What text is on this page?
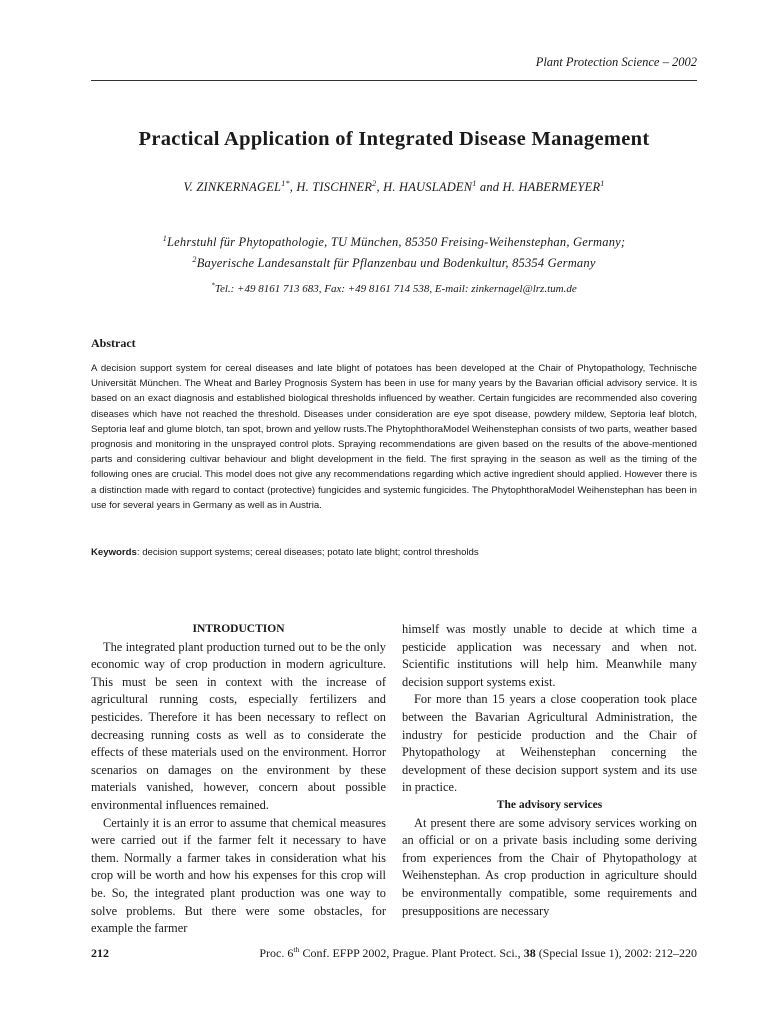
Plant Protection Science – 2002
Practical Application of Integrated Disease Management
V. $ZINKERNAGEL^{1*}$, H. TISCHNER$^2$, H. HAUSLADEN$^1$ and H. HABERMEYER$^1$
$^1$Lehrstuhl für Phytopathologie, TU München, 85350 Freising-Weihenstephan, Germany;
$^2$Bayerische Landesanstalt für Pflanzenbau und Bodenkultur, 85354 Germany
*Tel.: +49 8161 713 683, Fax: +49 8161 714 538, E-mail: zinkernagel@lrz.tum.de
Abstract
A decision support system for cereal diseases and late blight of potatoes has been developed at the Chair of Phytopathology, Technische Universität München. The Wheat and Barley Prognosis System has been in use for many years by the Bavarian official advisory service. It is based on an exact diagnosis and established biological thresholds influenced by weather. Certain fungicides are recommended also covering diseases which have not reached the threshold. Diseases under consideration are eye spot disease, powdery mildew, Septoria leaf blotch, Septoria leaf and glume blotch, tan spot, brown and yellow rusts.The PhytophthoraModel Weihenstephan consists of two parts, weather based prognosis and monitoring in the unsprayed control plots. Spraying recommendations are given based on the results of the above-mentioned parts and considering cultivar behaviour and blight development in the field. The first spraying in the season as well as the timing of the following ones are crucial. This model does not give any recommendations regarding which active ingredient should applied. However there is a distinction made with regard to contact (protective) fungicides and systemic fungicides. The PhytophthoraModel Weihenstephan has been in use for several years in Germany as well as in Austria.
Keywords: decision support systems; cereal diseases; potato late blight; control thresholds

INTRODUCTION

The integrated plant production turned out to be the only economic way of crop production in modern agriculture. This must be seen in context with the increase of agricultural running costs, especially fertilizers and pesticides. Therefore it has been necessary to reflect on decreasing running costs as well as to considerate the effects of these materials used on the environment. Horror scenarios on damages on the environment by these materials vanished, however, concern about possible environmental influences remained.

Certainly it is an error to assume that chemical measures were carried out if the farmer felt it necessary to have them. Normally a farmer takes in consideration what his crop will be worth and how his expenses for this crop will be. So, the integrated plant production was one way to solve problems. But there were some obstacles, for example the farmer

himself was mostly unable to decide at which time a pesticide application was necessary and when not. Scientific institutions will help him. Meanwhile many decision support systems exist.

For more than 15 years a close cooperation took place between the Bavarian Agricultural Administration, the industry for pesticide production and the Chair of Phytopathology at Weihenstephan concerning the development of these decision support system and its use in practice.

The advisory services

At present there are some advisory services working on an official or on a private basis including some deriving from experiences from the Chair of Phytopathology at Weihenstephan. As crop production in agriculture should be environmentally compatible, some requirements and presuppositions are necessary

212	Proc. 6th Conf. EFPP 2002, Prague. Plant Protect. Sci., 38 (Special Issue 1), 2002: 212–220
